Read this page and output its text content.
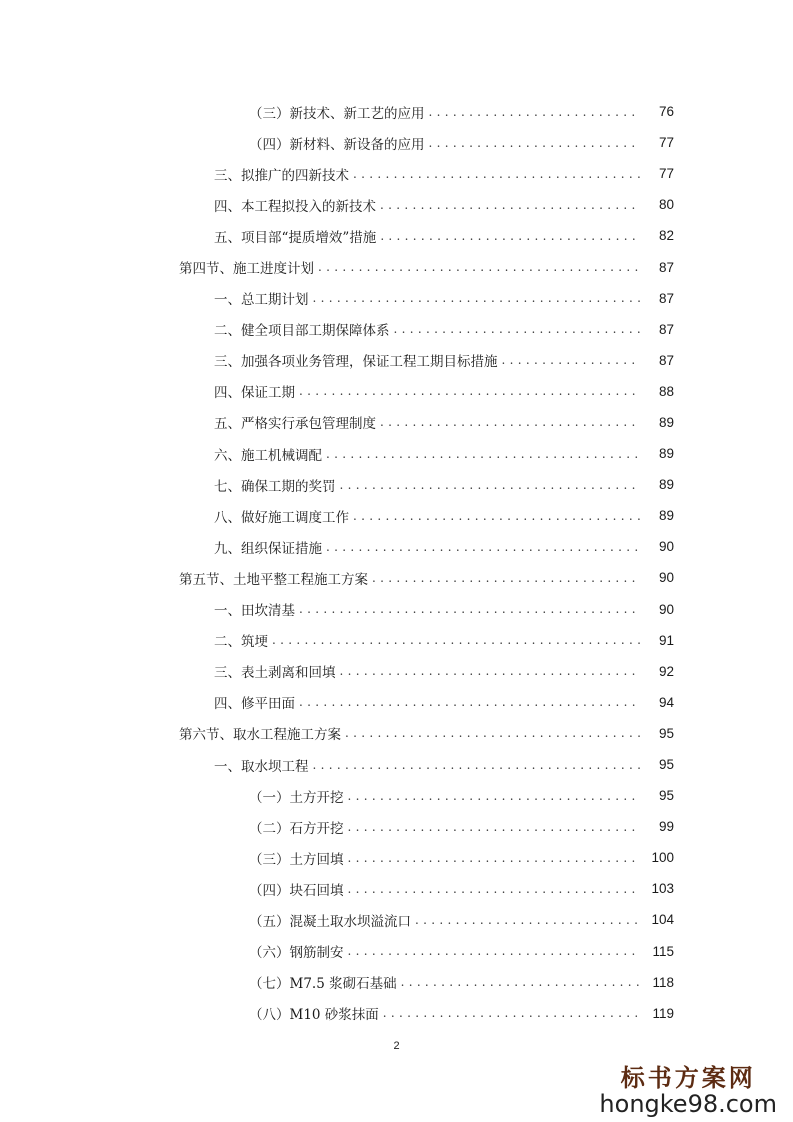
（三）新技术、新工艺的应用 .....	76
（四）新材料、新设备的应用 .....	77
三、拟推广的四新技术 .....	77
四、本工程拟投入的新技术 .....	80
五、项目部“提质增效”措施 .....	82
第四节、施工进度计划 .....	87
一、总工期计划 .....	87
二、健全项目部工期保障体系 .....	87
三、加强各项业务管理，保证工程工期目标措施 .....	87
四、保证工期 .....	88
五、严格实行承包管理制度 .....	89
六、施工机械调配 .....	89
七、确保工期的奖罚 .....	89
八、做好施工调度工作 .....	89
九、组织保证措施 .....	90
第五节、土地平整工程施工方案 .....	90
一、田坎清基 .....	90
二、筑埂 .....	91
三、表土剥离和回填 .....	92
四、修平田面 .....	94
第六节、取水工程施工方案 .....	95
一、取水坝工程 .....	95
（一）土方开挖 .....	95
（二）石方开挖 .....	99
（三）土方回填 .....	100
（四）块石回填 .....	103
（五）混凝土取水坝溢流口 .....	104
（六）钢筋制安 .....	115
（七）M7.5 浆砌石基础 .....	118
（八）M10 砂浆抹面 .....	119
2
标书方案网
hongke98.com
